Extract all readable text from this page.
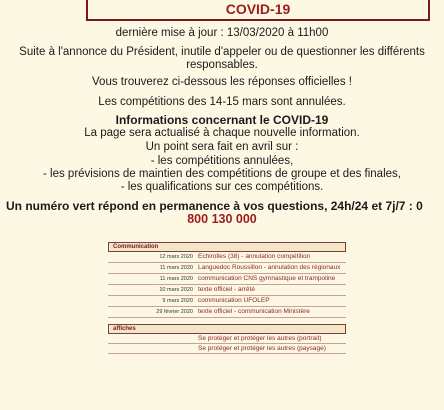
COVID-19
dernière mise à jour : 13/03/2020 à 11h00
Suite à l'annonce du Président, inutile d'appeler ou de questionner les différents
responsables.
Vous trouverez ci-dessous les réponses officielles !
Les compétitions des 14-15 mars sont annulées.
Informations concernant le COVID-19
La page sera actualisé à chaque nouvelle information.
Un point sera fait en avril sur :
- les compétitions annulées,
- les prévisions de maintien des compétitions de groupe et des finales,
- les qualifications sur ces compétitions.
Un numéro vert répond en permanence à vos questions, 24h/24 et 7j/7 : 0
800 130 000
Communication
12 mars 2020 Echirolles (38) - annulation compétition
11 mars 2020 Languedoc Roussillon - annulation des régionaux
11 mars 2020 communication CNS gymnastique et trampoline
10 mars 2020 texte officiel - arrêté
9 mars 2020 communication UFOLEP
29 février 2020 texte officiel - communication Ministère
affiches
Se protéger et protéger les autres (portrait)
Se protéger et protéger les autres (paysage)
